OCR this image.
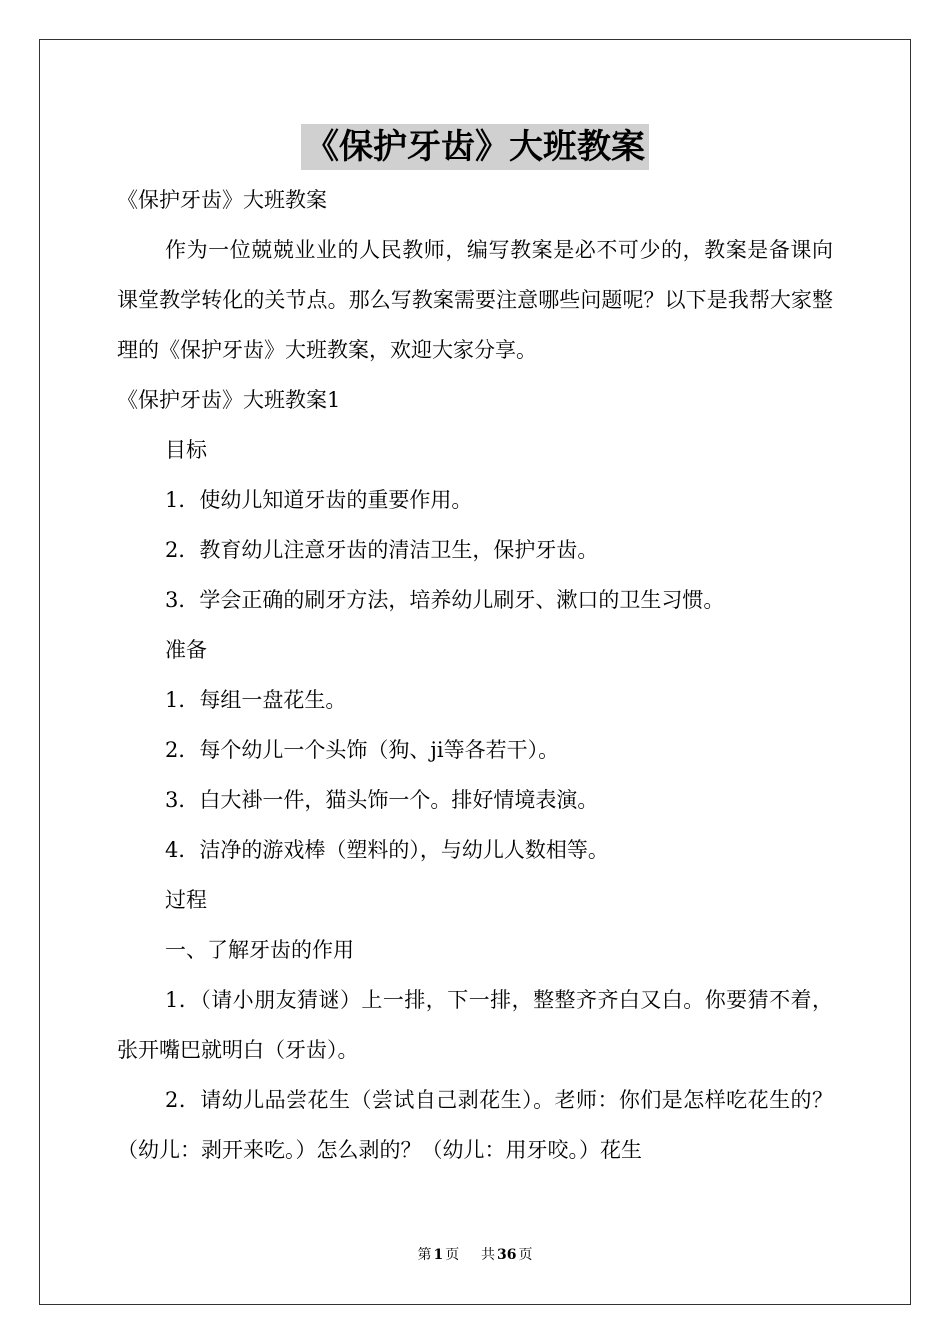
《保护牙齿》大班教案

《保护牙齿》大班教案

作为一位兢兢业业的人民教师，编写教案是必不可少的，教案是备课向课堂教学转化的关节点。那么写教案需要注意哪些问题呢？以下是我帮大家整理的《保护牙齿》大班教案，欢迎大家分享。

《保护牙齿》大班教案1

目标

1．使幼儿知道牙齿的重要作用。

2．教育幼儿注意牙齿的清洁卫生，保护牙齿。

3．学会正确的刷牙方法，培养幼儿刷牙、漱口的卫生习惯。

准备

1．每组一盘花生。

2．每个幼儿一个头饰（狗、ji等各若干）。

3．白大褂一件，猫头饰一个。排好情境表演。

4．洁净的游戏棒（塑料的），与幼儿人数相等。

过程

一、了解牙齿的作用

1．（请小朋友猜谜）上一排，下一排，整整齐齐白又白。你要猜不着，张开嘴巴就明白（牙齿）。

2．请幼儿品尝花生（尝试自己剥花生）。老师：你们是怎样吃花生的？（幼儿：剥开来吃。）怎么剥的？（幼儿：用牙咬。）花生

第 1 页 共 36 页
